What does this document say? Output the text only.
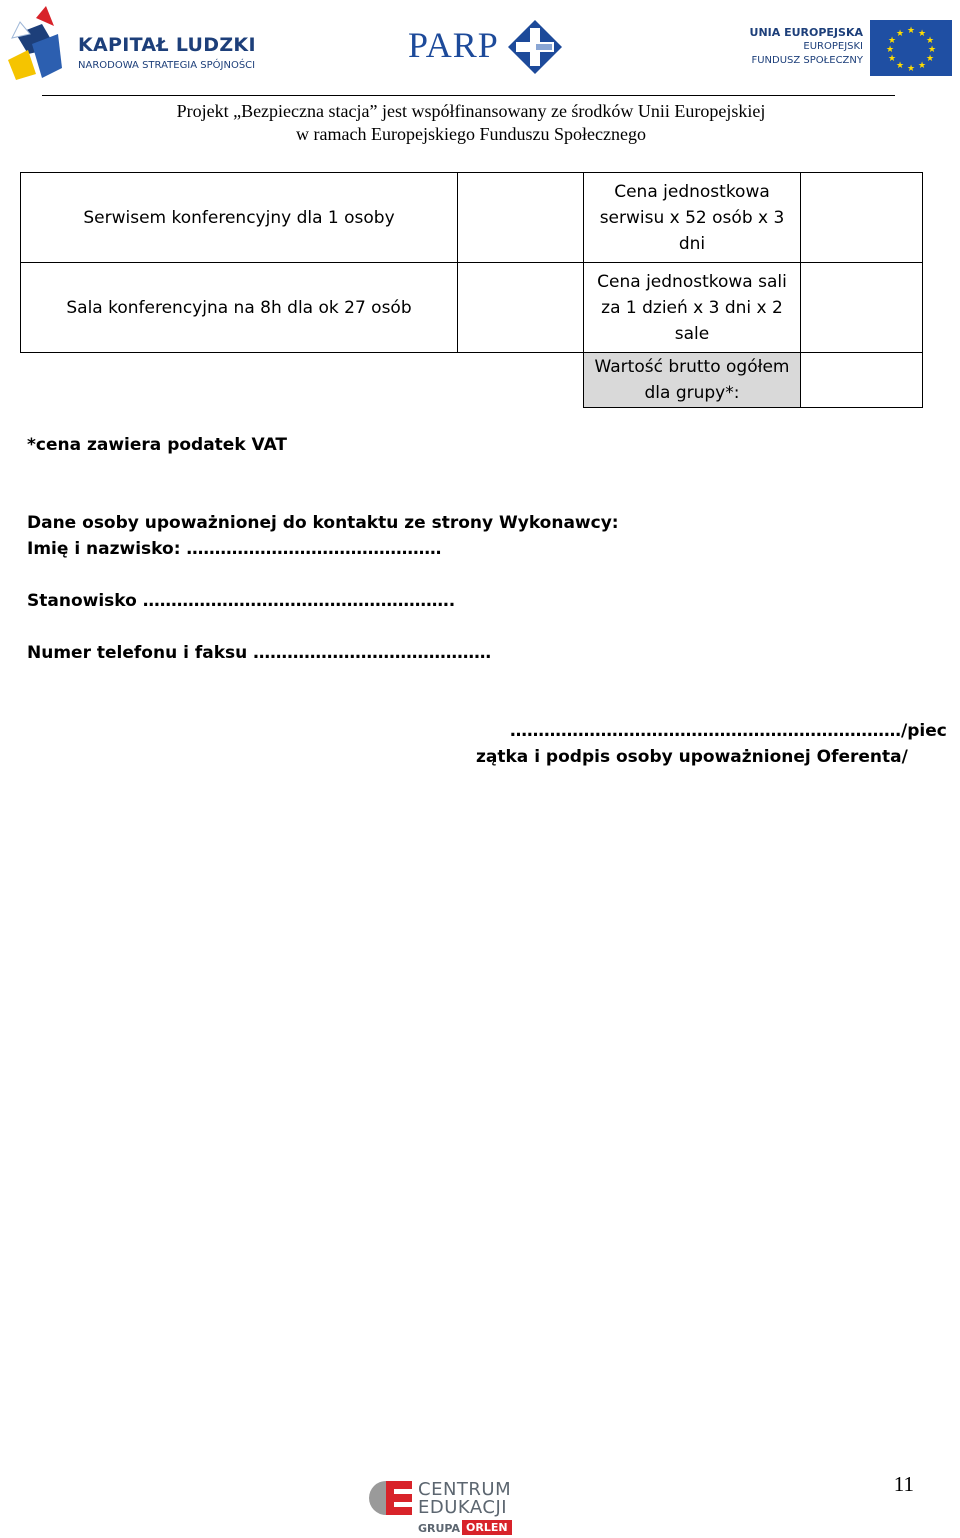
KAPITAŁ LUDZKI
NARODOWA STRATEGIA SPÓJNOŚCI
PARP	UNIA EUROPEJSKA
EUROPEJSKI
FUNDUSZ SPOŁECZNY
★ ★
★
★
★
★
★
★
★
★
★
★
Projekt „Bezpieczna stacja” jest współfinansowany ze środków Unii Europejskiej
w ramach Europejskiego Funduszu Społecznego
Serwisem konferencyjny dla 1 osoby
Cena jednostkowa serwisu x 52 osób x 3 dni
Sala konferencyjna na 8h dla ok 27 osób
Cena jednostkowa sali za 1 dzień x 3 dni x 2 sale
Wartość brutto ogółem dla grupy*:
*cena zawiera podatek VAT
Dane osoby upoważnionej do kontaktu ze strony Wykonawcy:
Imię i nazwisko: ………………………………………
Stanowisko ……………………………………………….
Numer telefonu i faksu ……………………………………
……………………………………………………………/piec
zątka i podpis osoby upoważnionej Oferenta/
CENTRUM
EDUKACJI
GRUPA ORLEN
11
